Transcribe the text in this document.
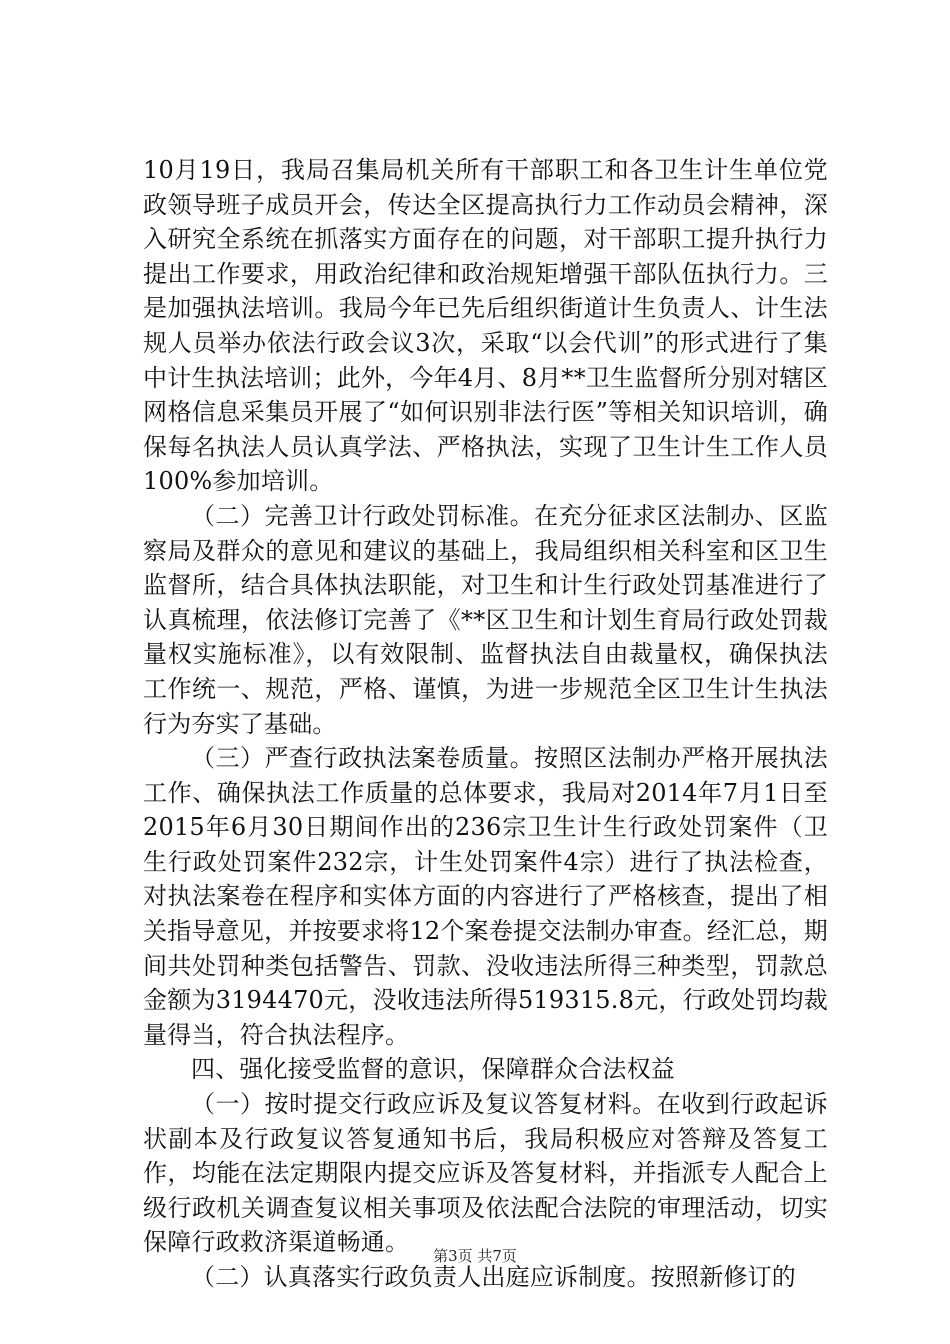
10月19日，我局召集局机关所有干部职工和各卫生计生单位党政领导班子成员开会，传达全区提高执行力工作动员会精神，深入研究全系统在抓落实方面存在的问题，对干部职工提升执行力提出工作要求，用政治纪律和政治规矩增强干部队伍执行力。三是加强执法培训。我局今年已先后组织街道计生负责人、计生法规人员举办依法行政会议3次，采取“以会代训”的形式进行了集中计生执法培训；此外，今年4月、8月**卫生监督所分别对辖区网格信息采集员开展了“如何识别非法行医”等相关知识培训，确保每名执法人员认真学法、严格执法，实现了卫生计生工作人员100%参加培训。

（二）完善卫计行政处罚标准。在充分征求区法制办、区监察局及群众的意见和建议的基础上，我局组织相关科室和区卫生监督所，结合具体执法职能，对卫生和计生行政处罚基准进行了认真梳理，依法修订完善了《**区卫生和计划生育局行政处罚裁量权实施标准》，以有效限制、监督执法自由裁量权，确保执法工作统一、规范，严格、谨慎，为进一步规范全区卫生计生执法行为夯实了基础。

（三）严查行政执法案卷质量。按照区法制办严格开展执法工作、确保执法工作质量的总体要求，我局对2014年7月1日至2015年6月30日期间作出的236宗卫生计生行政处罚案件（卫生行政处罚案件232宗，计生处罚案件4宗）进行了执法检查，对执法案卷在程序和实体方面的内容进行了严格核查，提出了相关指导意见，并按要求将12个案卷提交法制办审查。经汇总，期间共处罚种类包括警告、罚款、没收违法所得三种类型，罚款总金额为3194470元，没收违法所得519315.8元，行政处罚均裁量得当，符合执法程序。

四、强化接受监督的意识，保障群众合法权益

（一）按时提交行政应诉及复议答复材料。在收到行政起诉状副本及行政复议答复通知书后，我局积极应对答辩及答复工作，均能在法定期限内提交应诉及答复材料，并指派专人配合上级行政机关调查复议相关事项及依法配合法院的审理活动，切实保障行政救济渠道畅通。

（二）认真落实行政负责人出庭应诉制度。按照新修订的

第3页 共7页
